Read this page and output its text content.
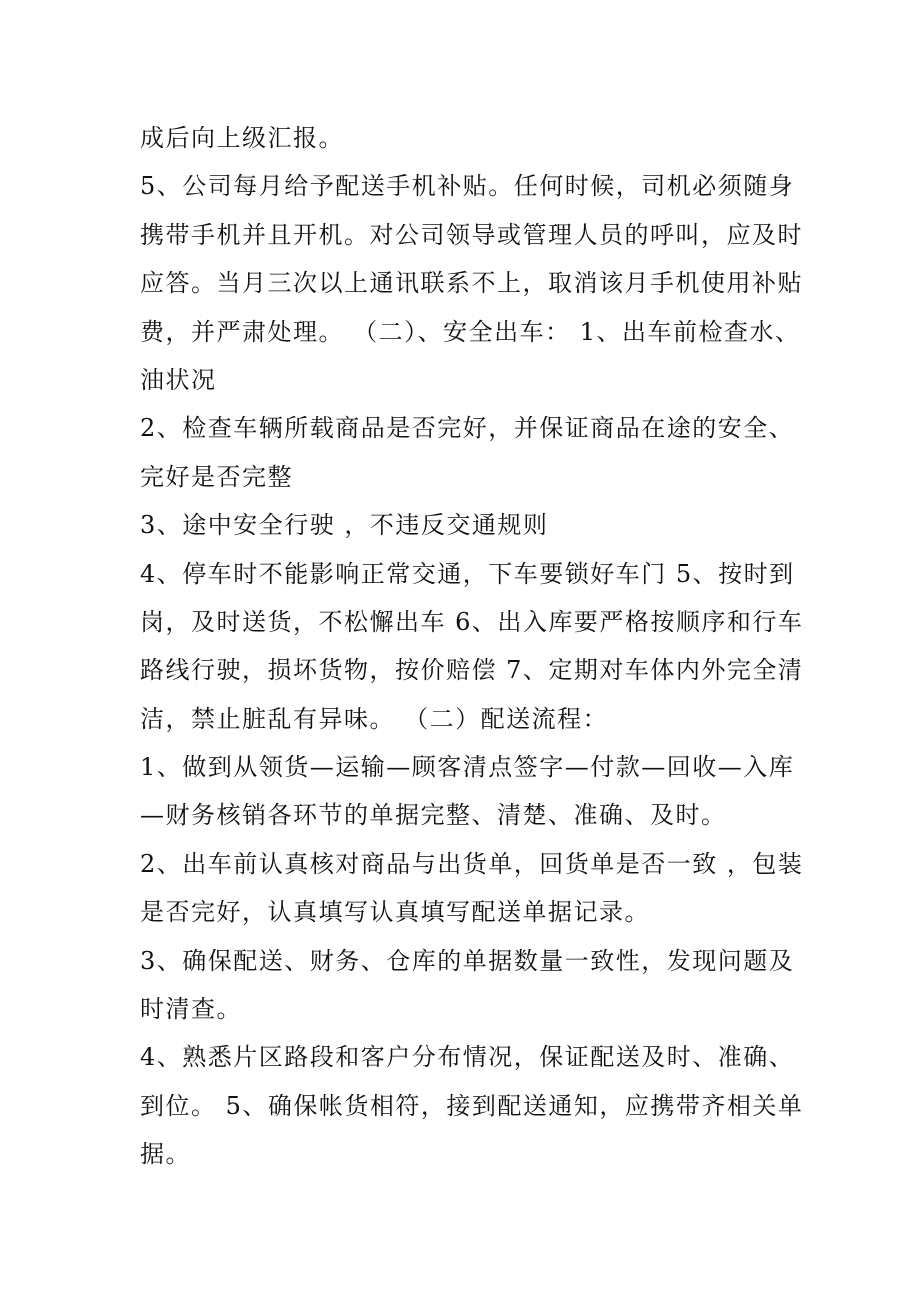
成后向上级汇报。
5、公司每月给予配送手机补贴。任何时候，司机必须随身
携带手机并且开机。对公司领导或管理人员的呼叫，应及时
应答。当月三次以上通讯联系不上，取消该月手机使用补贴
费，并严肃处理。 （二）、安全出车： 1、出车前检查水、
油状况
2、检查车辆所载商品是否完好，并保证商品在途的安全、
完好是否完整
3、途中安全行驶 ，不违反交通规则
4、停车时不能影响正常交通，下车要锁好车门 5、按时到
岗，及时送货，不松懈出车 6、出入库要严格按顺序和行车
路线行驶，损坏货物，按价赔偿 7、定期对车体内外完全清
洁，禁止脏乱有异味。 （二）配送流程：
1、做到从领货—运输—顾客清点签字—付款—回收—入库
—财务核销各环节的单据完整、清楚、准确、及时。
2、出车前认真核对商品与出货单，回货单是否一致 ，包装
是否完好，认真填写认真填写配送单据记录。
3、确保配送、财务、仓库的单据数量一致性，发现问题及
时清查。
4、熟悉片区路段和客户分布情况，保证配送及时、准确、
到位。 5、确保帐货相符，接到配送通知，应携带齐相关单
据。
